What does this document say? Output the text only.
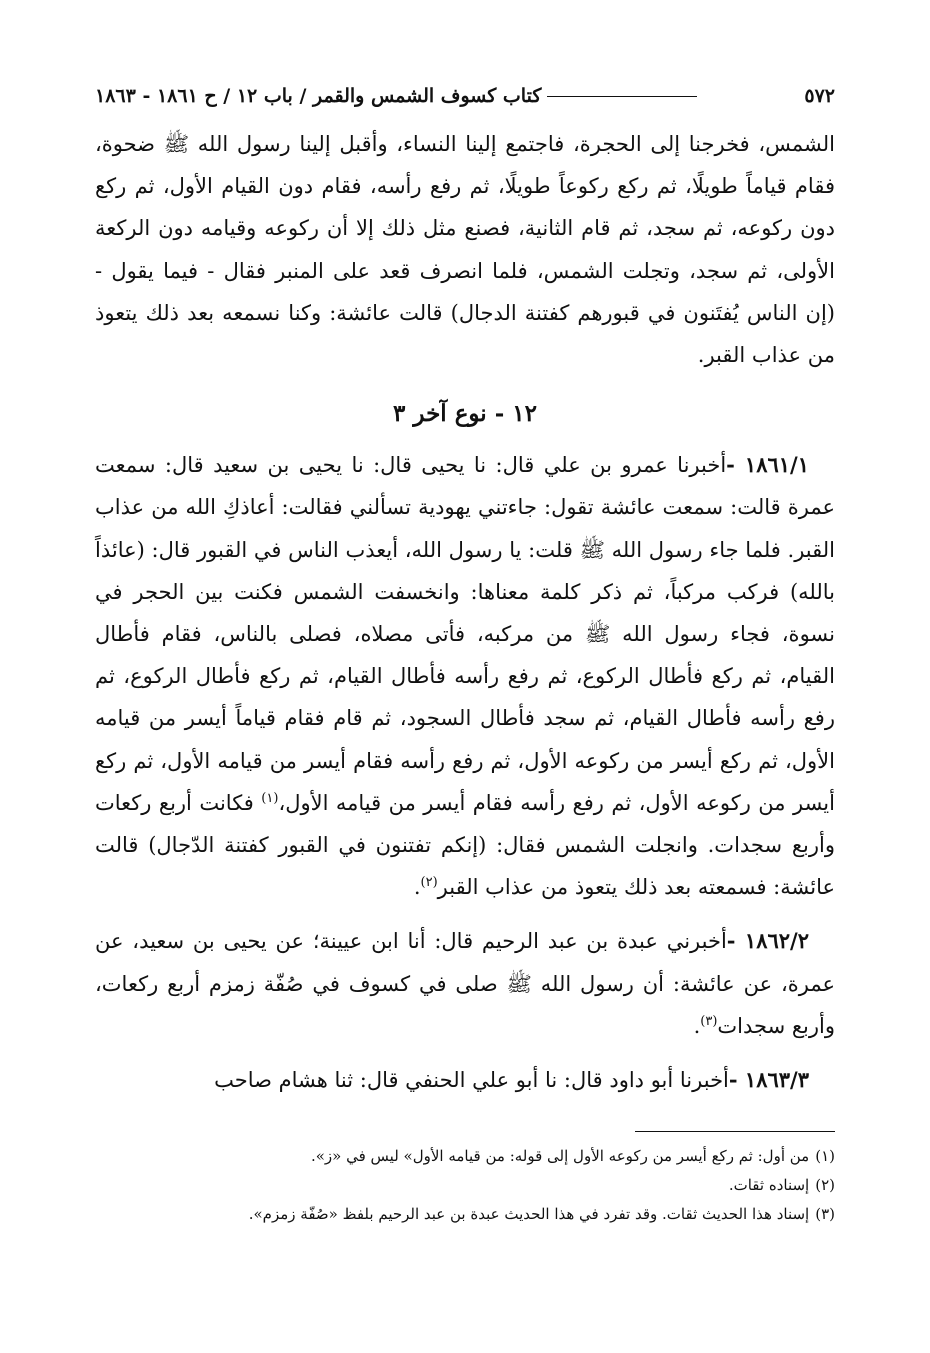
٥٧٢
كتاب كسوف الشمس والقمر / باب ١٢ / ح ١٨٦١ - ١٨٦٣

الشمس، فخرجنا إلى الحجرة، فاجتمع إلينا النساء، وأقبل إلينا رسول الله ﷺ ضحوة، فقام قياماً طويلًا، ثم ركع ركوعاً طويلًا، ثم رفع رأسه، فقام دون القيام الأول، ثم ركع دون ركوعه، ثم سجد، ثم قام الثانية، فصنع مثل ذلك إلا أن ركوعه وقيامه دون الركعة الأولى، ثم سجد، وتجلت الشمس، فلما انصرف قعد على المنبر فقال - فيما يقول - (إن الناس يُفتَنون في قبورهم كفتنة الدجال) قالت عائشة: وكنا نسمعه بعد ذلك يتعوذ من عذاب القبر.

١٢ - نوع آخر ٣

١٨٦١/١ -أخبرنا عمرو بن علي قال: نا يحيى قال: نا يحيى بن سعيد قال: سمعت عمرة قالت: سمعت عائشة تقول: جاءتني يهودية تسألني فقالت: أعاذكِ الله من عذاب القبر. فلما جاء رسول الله ﷺ قلت: يا رسول الله، أيعذب الناس في القبور قال: (عائذاً بالله) فركب مركباً، ثم ذكر كلمة معناها: وانخسفت الشمس فكنت بين الحجر في نسوة، فجاء رسول الله ﷺ من مركبه، فأتى مصلاه، فصلى بالناس، فقام فأطال القيام، ثم ركع فأطال الركوع، ثم رفع رأسه فأطال القيام، ثم ركع فأطال الركوع، ثم رفع رأسه فأطال القيام، ثم سجد فأطال السجود، ثم قام فقام قياماً أيسر من قيامه الأول، ثم ركع أيسر من ركوعه الأول، ثم رفع رأسه فقام أيسر من قيامه الأول، ثم ركع أيسر من ركوعه الأول، ثم رفع رأسه فقام أيسر من قيامه الأول،$^{(١)}$ فكانت أربع ركعات وأربع سجدات. وانجلت الشمس فقال: (إنكم تفتنون في القبور كفتنة الدّجال) قالت عائشة: فسمعته بعد ذلك يتعوذ من عذاب القبر$^{(٢)}$.

١٨٦٢/٢ -أخبرني عبدة بن عبد الرحيم قال: أنا ابن عيينة؛ عن يحيى بن سعيد، عن عمرة، عن عائشة: أن رسول الله ﷺ صلى في كسوف في صُفّة زمزم أربع ركعات، وأربع سجدات$^{(٣)}$.

١٨٦٣/٣ -أخبرنا أبو داود قال: نا أبو علي الحنفي قال: ثنا هشام صاحب

(١)من أول: ثم ركع أيسر من ركوعه الأول إلى قوله: من قيامه الأول» ليس في «ز».

(٢)إسناده ثقات.

(٣)إسناد هذا الحديث ثقات. وقد تفرد في هذا الحديث عبدة بن عبد الرحيم بلفظ «صُفّة زمزم».
